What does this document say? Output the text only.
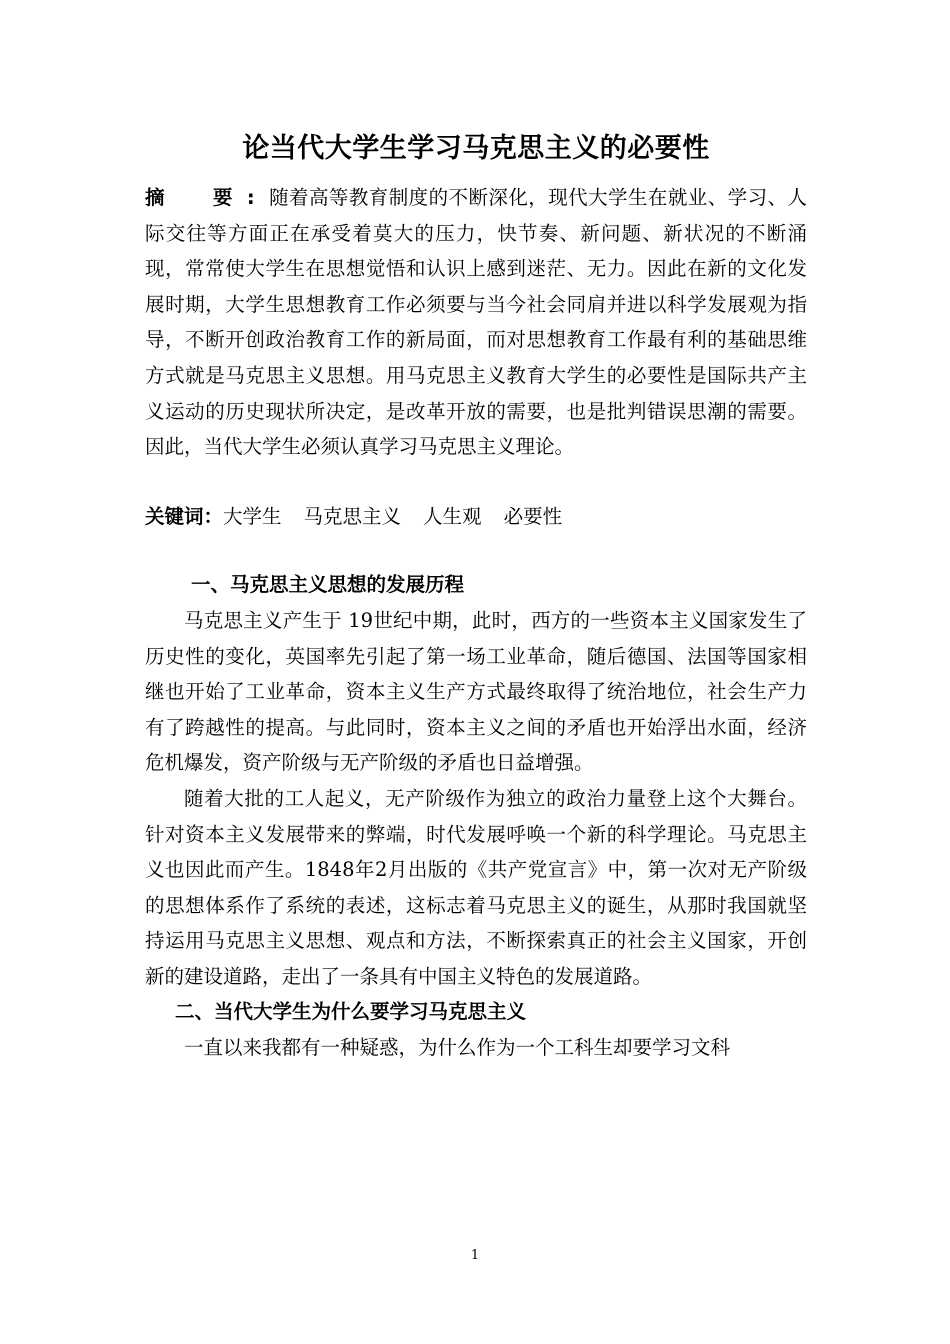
论当代大学生学习马克思主义的必要性

摘　要:随着高等教育制度的不断深化，现代大学生在就业、学习、人际交往等方面正在承受着莫大的压力，快节奏、新问题、新状况的不断涌现，常常使大学生在思想觉悟和认识上感到迷茫、无力。因此在新的文化发展时期，大学生思想教育工作必须要与当今社会同肩并进以科学发展观为指导，不断开创政治教育工作的新局面，而对思想教育工作最有利的基础思维方式就是马克思主义思想。用马克思主义教育大学生的必要性是国际共产主义运动的历史现状所决定，是改革开放的需要，也是批判错误思潮的需要。因此，当代大学生必须认真学习马克思主义理论。

关键词：大学生 马克思主义 人生观 必要性
一、马克思主义思想的发展历程

马克思主义产生于 19世纪中期，此时，西方的一些资本主义国家发生了历史性的变化，英国率先引起了第一场工业革命，随后德国、法国等国家相继也开始了工业革命，资本主义生产方式最终取得了统治地位，社会生产力有了跨越性的提高。与此同时，资本主义之间的矛盾也开始浮出水面，经济危机爆发，资产阶级与无产阶级的矛盾也日益增强。

随着大批的工人起义，无产阶级作为独立的政治力量登上这个大舞台。针对资本主义发展带来的弊端，时代发展呼唤一个新的科学理论。马克思主义也因此而产生。1848年2月出版的《共产党宣言》中，第一次对无产阶级的思想体系作了系统的表述，这标志着马克思主义的诞生，从那时我国就坚持运用马克思主义思想、观点和方法，不断探索真正的社会主义国家，开创新的建设道路，走出了一条具有中国主义特色的发展道路。

二、当代大学生为什么要学习马克思主义

一直以来我都有一种疑惑，为什么作为一个工科生却要学习文科

1
